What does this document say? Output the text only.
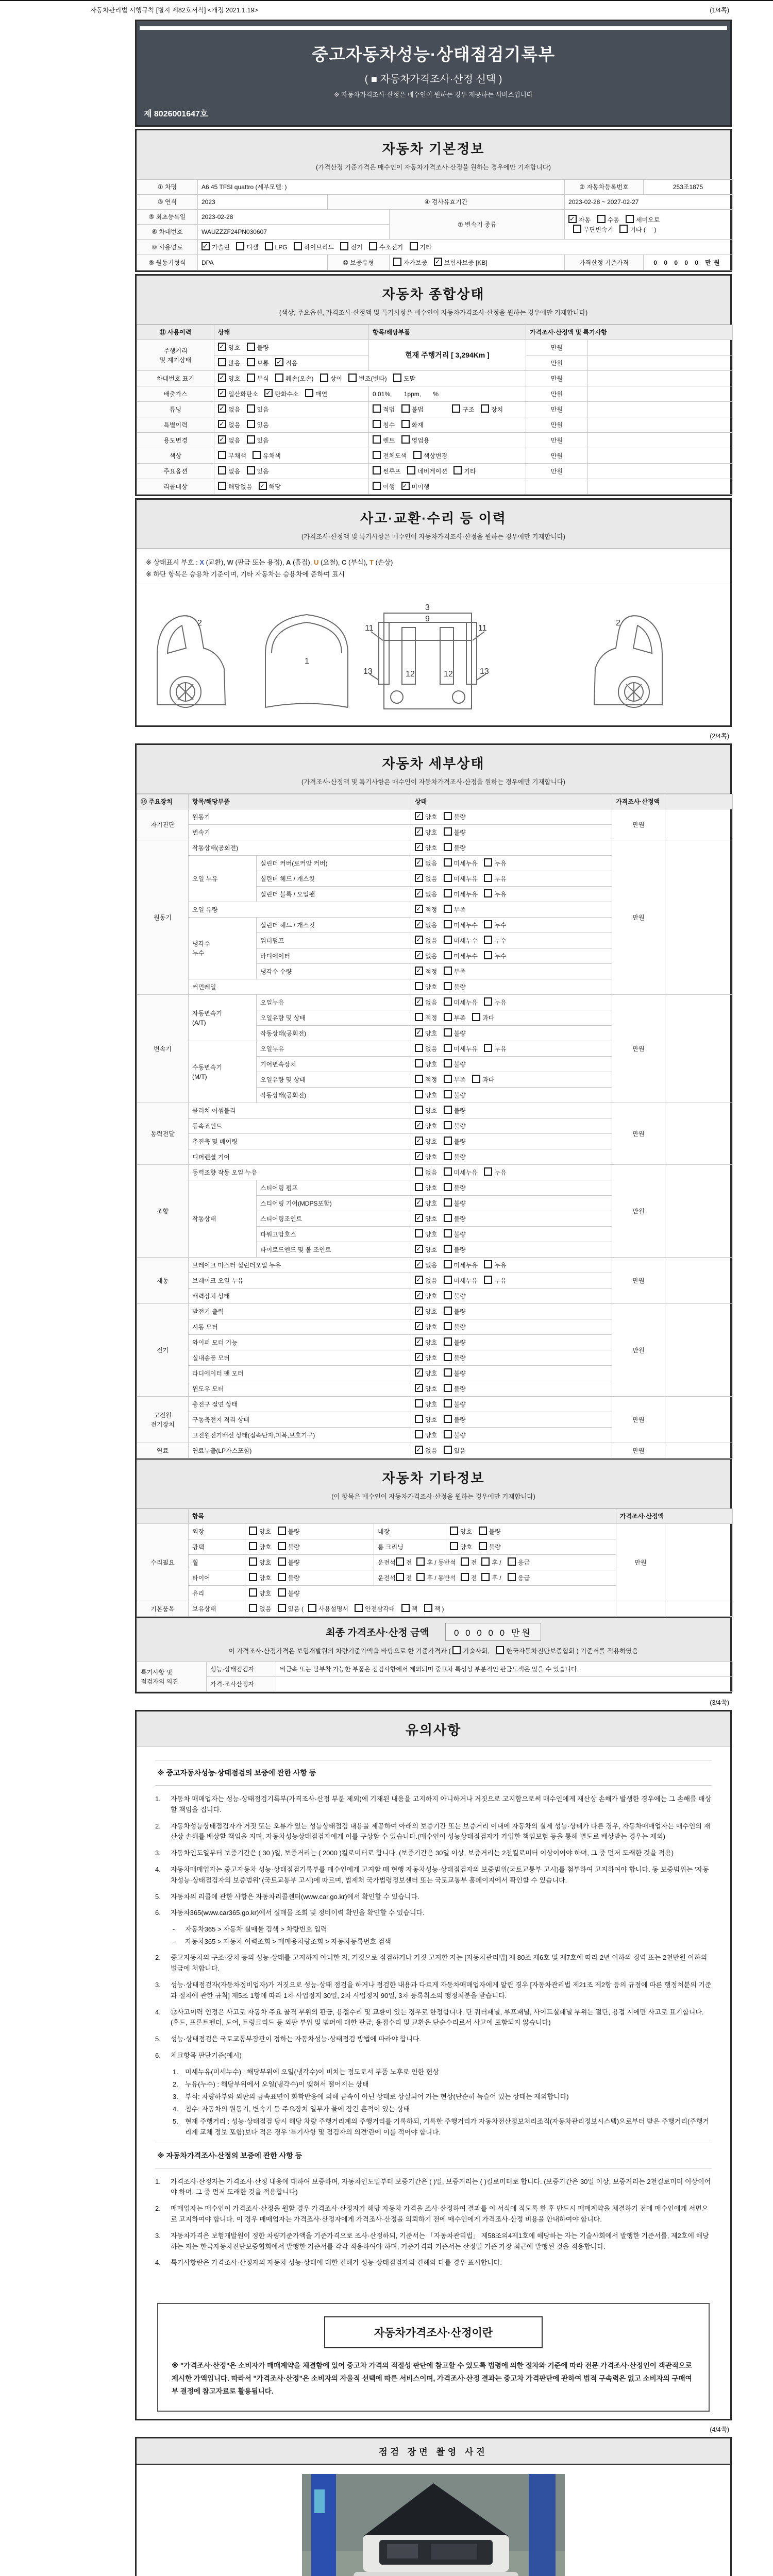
자동차관리법 시행규칙 [별지 제82호서식] <개정 2021.1.19>	(1/4쪽)
중고자동차성능·상태점검기록부
( ■ 자동차가격조사·산정 선택 )
※ 자동차가격조사·산정은 매수인이 원하는 경우 제공하는 서비스입니다
제 8026001647호
자동차 기본정보
(가격산정 기준가격은 매수인이 자동차가격조사·산정을 원하는 경우에만 기재합니다)
① 차명	A6 45 TFSI quattro (세부모델: )			② 자동차등록번호	253조1875
③ 연식	2023	④ 검사유효기간		2023-02-28 ~ 2027-02-27	
⑤ 최초등록일	2023-02-28		⑦ 변속기 종류	✓자동 수동 세미오토
무단변속기 기타 (     )
⑥ 차대번호	WAUZZZF24PN030607				
⑧ 사용연료	✓가솔린 디젤 LPG 하이브리드 전기 수소전기 기타
⑨ 원동기형식	DPA	⑩ 보증유형	자가보증 ✓보험사보증 [KB]	가격산정 기준가격	0 0 0 0 0 만원
자동차 종합상태
(색상, 주요옵션, 가격조사·산정액 및 특기사항은 매수인이 자동차가격조사·산정을 원하는 경우에만 기재합니다)
⑪ 사용이력	상태	항목/해당부품	가격조사·산정액 및 특기사항	
주행거리
및 계기상태	✓양호 불량	현재 주행거리 [ 3,294Km ]	만원	
	많음 보통 ✓적음		만원	
차대번호 표기	✓양호 부식 훼손(오손) 상이 변조(변타) 도말		만원	
배출가스	✓일산화탄소 ✓탄화수소 매연	0.01%,       1ppm,       %	만원	
튜닝	✓없음 있음	적법 불법              구조 장치	만원	
특별이력	✓없음 있음	침수 화재	만원	
용도변경	✓없음 있음	렌트 영업용	만원	
색상	무채색 유채색	전체도색 색상변경	만원	
주요옵션	없음 있음	썬루프 네비게이션 기타	만원	
리콜대상	해당없음 ✓해당	이행 ✓미이행		
사고·교환·수리 등 이력
(가격조사·산정액 및 특기사항은 매수인이 자동차가격조사·산정을 원하는 경우에만 기재합니다)
※ 상태표시 부호 : X (교환), W (판금 또는 용접), A (흠집), U (요철), C (부식), T (손상)
※ 하단 항목은 승용차 기준이며, 기타 자동차는 승용차에 준하여 표시
2
1
11	11
13	13
12	12
9
3
2
(2/4쪽)
자동차 세부상태
(가격조사·산정액 및 특기사항은 매수인이 자동차가격조사·산정을 원하는 경우에만 기재합니다)
⑭ 주요장치	항목/해당부품		상태	가격조사·산정액	
자기진단	원동기	✓양호 불량	만원	
	변속기	✓양호 불량
원동기	작동상태(공회전)	✓양호 불량	만원	
	오일 누유	실린더 커버(로커암 커버)	✓없음 미세누유 누유
		실린더 헤드 / 개스킷	✓없음 미세누유 누유
		실린더 블록 / 오일팬	✓없음 미세누유 누유
	오일 유량	✓적정 부족
	냉각수
누수	실린더 헤드 / 개스킷	✓없음 미세누수 누수
		워터펌프	✓없음 미세누수 누수
		라디에이터	✓없음 미세누수 누수
		냉각수 수량	✓적정 부족
	커먼레일		양호 불량		
변속기	자동변속기
(A/T)	오일누유	✓없음 미세누유 누유	만원	
		오일유량 및 상태	적정 부족 과다		
		작동상태(공회전)	✓양호 불량
	수동변속기
(M/T)	오일누유	없음 미세누유 누유		
		기어변속장치	양호 불량		
		오일유량 및 상태	적정 부족 과다		
		작동상태(공회전)	양호 불량		
동력전달	클러치 어셈블리		양호 불량	만원	
	등속죠인트	✓양호 불량
	추진축 및 베어링	✓양호 불량
	디퍼렌셜 기어	✓양호 불량
조향	동력조향 작동 오일 누유		없음 미세누유 누유	만원	
	작동상태	스티어링 펌프	양호 불량		
		스티어링 기어(MDPS포함)	✓양호 불량
		스티어링조인트	✓양호 불량
		파워고압호스	양호 불량		
		타이로드엔드 및 볼 조인트	✓양호 불량
제동	브레이크 마스터 실린더오일 누유	✓없음 미세누유 누유	만원	
	브레이크 오일 누유	✓없음 미세누유 누유
	배력장치 상태	✓양호 불량
전기	발전기 출력	✓양호 불량	만원	
	시동 모터	✓양호 불량
	와이퍼 모터 기능	✓양호 불량
	실내송풍 모터	✓양호 불량
	라디에이터 팬 모터	✓양호 불량
	윈도우 모터	✓양호 불량
고전원
전기장치	충전구 절연 상태		양호 불량	만원	
	구동축전지 격리 상태		양호 불량		
	고전원전기배선 상태(접속단자,피복,보호기구)		양호 불량		
연료	연료누출(LP가스포함)	✓없음 있음	만원	
자동차 기타정보
(이 항목은 매수인이 자동차가격조사·산정을 원하는 경우에만 기재합니다)
	항목				가격조사·산정액	
수리필요	외장	양호 불량	내장	양호 불량	만원	
	광택	양호 불량	룸 크리닝	양호 불량		
	휠	양호 불량	운전석 전 후 / 동반석 전 후 / 응급			
	타이어	양호 불량	운전석 전 후 / 동반석 전 후 / 응급			
	유리	양호 불량				
기본품목	보유상태	없음 있음 ( 사용설명서 안전삼각대 잭 잭 )				
최종 가격조사·산정 금액	0 0 0 0 0 만원
이 가격조사·산정가격은 보험개발원의 차량기준가액을 바탕으로 한 기준가격과 ( 기술사회, 한국자동차진단보증협회 ) 기준서를 적용하였음
특기사항 및
점검자의 의견	성능·상태점검자	비금속 또는 탈부착 가능한 부품은 점검사항에서 제외되며 중고차 특성상 부분적인 판금도색은 있을 수 있습니다.
	가격·조사산정자	
(3/4쪽)
유의사항
※ 중고자동차성능·상태점검의 보증에 관한 사항 등
1.	자동차 매매업자는 성능·상태점검기록부(가격조사·산정 부분 제외)에 기재된 내용을 고지하지 아니하거나 거짓으로 고지함으로써 매수인에게 재산상 손해가 발생한 경우에는 그 손해를 배상할 책임을 집니다.
2.	자동차성능상태점검자가 거짓 또는 오류가 있는 성능상태점검 내용을 제공하여 아래의 보증기간 또는 보증거리 이내에 자동차의 실제 성능·상태가 다른 경우, 자동차매매업자는 매수인의 재산상 손해를 배상할 책임을 지며, 자동차성능상태점검자에게 이를 구상할 수 있습니다.(매수인이 성능상태점검자가 가입한 책임보험 등을 통해 별도로 배상받는 경우는 제외)
3.	자동차인도일부터 보증기간은 ( 30 )일, 보증거리는 ( 2000 )킬로미터로 합니다. (보증기간은 30일 이상, 보증거리는 2천킬로미터 이상이어야 하며, 그 중 먼저 도래한 것을 적용)
4.	자동차매매업자는 중고자동차 성능·상태점검기록부를 매수인에게 고지할 때 현행 자동차성능·상태점검자의 보증범위(국토교통부 고시)를 첨부하여 고지하여야 합니다. 동 보증범위는 '자동차성능·상태점검자의 보증범위' (국토교통부 고시)에 따르며, 법제처 국가법령정보센터 또는 국토교통부 홈페이지에서 확인할 수 있습니다.
5.	자동차의 리콜에 관한 사항은 자동차리콜센터(www.car.go.kr)에서 확인할 수 있습니다.
6.	자동차365(www.car365.go.kr)에서 실매물 조회 및 정비이력 확인을 확인할 수 있습니다.
-	자동차365 > 자동차 실매물 검색 > 차량번호 입력
-	자동차365 > 자동차 이력조회 > 매매용차량조회 > 자동차등록번호 검색
2.	중고자동차의 구조·장치 등의 성능·상태를 고지하지 아니한 자, 거짓으로 점검하거나 거짓 고지한 자는 [자동차관리법] 제 80조 제6호 및 제7호에 따라 2년 이하의 징역 또는 2천만원 이하의 벌금에 처합니다.
3.	성능·상태점검자(자동차정비업자)가 거짓으로 성능·상태 점검을 하거나 점검한 내용과 다르게 자동차매매업자에게 알린 경우 [자동차관리법 제21조 제2항 등의 규정에 따른 행정처분의 기준과 절차에 관한 규칙] 제5조 1항에 따라 1차 사업정지 30일, 2차 사업정지 90일, 3차 등록취소의 행정처분을 받습니다.
4.	⑫사고이력 인정은 사고로 자동차 주요 골격 부위의 판금, 용접수리 및 교환이 있는 경우로 한정합니다. 단 쿼터패널, 루프패널, 사이드실패널 부위는 절단, 용접 시에만 사고로 표기합니다. (후드, 프론트펜더, 도어, 트렁크리드 등 외판 부위 및 범퍼에 대한 판금, 용접수리 및 교환은 단순수리로서 사고에 포함되지 않습니다)
5.	성능·상태점검은 국토교통부장관이 정하는 자동차성능·상태점검 방법에 따라야 합니다.
6.	체크항목 판단기준(예시)
1.	미세누유(미세누수) : 해당부위에 오일(냉각수)이 비치는 정도로서 부품 노후로 인한 현상
2.	누유(누수) : 해당부위에서 오일(냉각수)이 맺혀서 떨어지는 상태
3.	부식: 차량하부와 외판의 금속표면이 화학반응에 의해 금속이 아닌 상태로 상실되어 가는 현상(단순히 녹슬어 있는 상태는 제외합니다)
4.	침수: 자동차의 원동기, 변속기 등 주요장치 일부가 물에 잠긴 흔적이 있는 상태
5.	현재 주행거리 : 성능·상태점검 당시 해당 차량 주행거리계의 주행거리를 기록하되, 기록한 주행거리가 자동차전산정보처리조직(자동차관리정보시스템)으로부터 받은 주행거리(주행거리계 교체 정보 포함)보다 적은 경우 '특기사항 및 점검자의 의견'란에 이를 적어야 합니다.
※ 자동차가격조사·산정의 보증에 관한 사항 등
1.	가격조사·산정자는 가격조사·산정 내용에 대하여 보증하며, 자동차인도일부터 보증기간은 ( )일, 보증거리는 ( )킬로미터로 합니다. (보증기간은 30일 이상, 보증거리는 2천킬로미터 이상이어야 하며, 그 중 먼저 도래한 것을 적용합니다)
2.	매매업자는 매수인이 가격조사·산정을 원할 경우 가격조사·산정자가 해당 자동차 가격을 조사·산정하여 결과를 이 서식에 적도록 한 후 반드시 매매계약을 체결하기 전에 매수인에게 서면으로 고지하여야 합니다. 이 경우 매매업자는 가격조사·산정자에게 가격조사·산정을 의뢰하기 전에 매수인에게 가격조사·산정 비용을 안내하여야 합니다.
3.	자동차가격은 보험개발원이 정한 차량기준가액을 기준가격으로 조사·산정하되, 기준서는 「자동차관리법」 제58조의4제1호에 해당하는 자는 기술사회에서 발행한 기준서를, 제2호에 해당하는 자는 한국자동차진단보증협회에서 발행한 기준서를 각각 적용하여야 하며, 기준가격과 기준서는 산정일 기준 가장 최근에 발행된 것을 적용합니다.
4.	특기사항란은 가격조사·산정자의 자동차 성능·상태에 대한 견해가 성능·상태점검자의 견해와 다를 경우 표시합니다.
자동차가격조사·산정이란
※ "가격조사·산정"은 소비자가 매매계약을 체결함에 있어 중고차 가격의 적절성 판단에 참고할 수 있도록 법령에 의한 절차와 기준에 따라 전문 가격조사·산정인이 객관적으로 제시한 가액입니다. 따라서 "가격조사·산정"은 소비자의 자율적 선택에 따른 서비스이며, 가격조사·산정 결과는 중고차 가격판단에 관하여 법적 구속력은 없고 소비자의 구매여부 결정에 참고자료로 활용됩니다.
(4/4쪽)
점검 장면 촬영 사진
